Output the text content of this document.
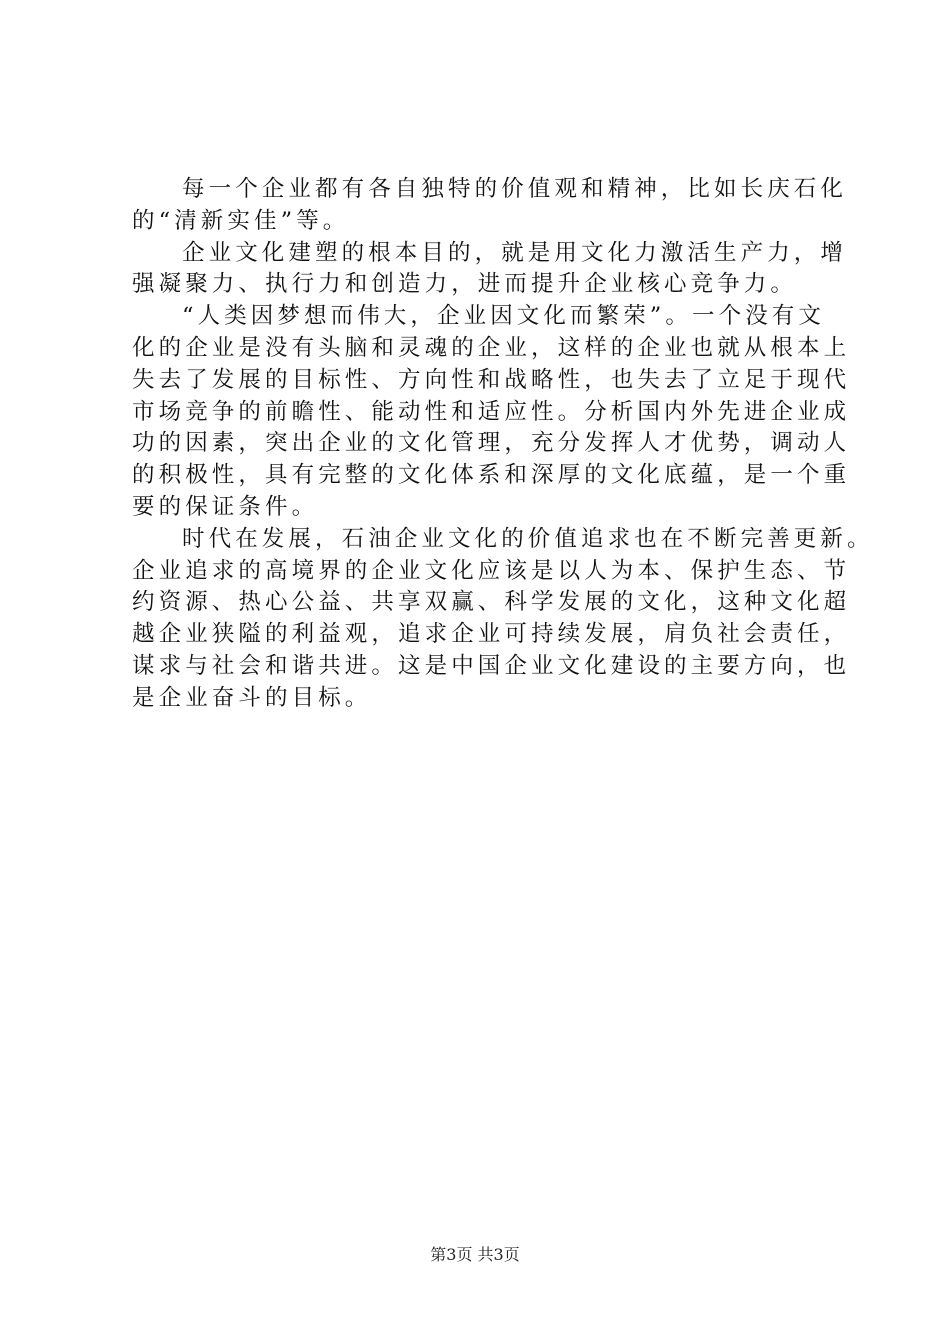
每一个企业都有各自独特的价值观和精神，比如长庆石化
的“清新实佳”等。
企业文化建塑的根本目的，就是用文化力激活生产力，增
强凝聚力、执行力和创造力，进而提升企业核心竞争力。
“人类因梦想而伟大，企业因文化而繁荣”。一个没有文
化的企业是没有头脑和灵魂的企业，这样的企业也就从根本上
失去了发展的目标性、方向性和战略性，也失去了立足于现代
市场竞争的前瞻性、能动性和适应性。分析国内外先进企业成
功的因素，突出企业的文化管理，充分发挥人才优势，调动人
的积极性，具有完整的文化体系和深厚的文化底蕴，是一个重
要的保证条件。
时代在发展，石油企业文化的价值追求也在不断完善更新。
企业追求的高境界的企业文化应该是以人为本、保护生态、节
约资源、热心公益、共享双赢、科学发展的文化，这种文化超
越企业狭隘的利益观，追求企业可持续发展，肩负社会责任，
谋求与社会和谐共进。这是中国企业文化建设的主要方向，也
是企业奋斗的目标。
第3页 共3页
